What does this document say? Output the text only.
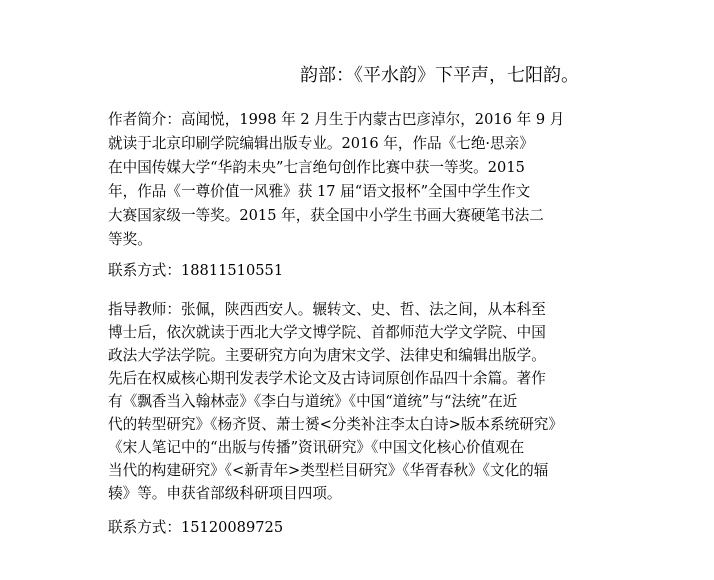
韵部：《平水韵》下平声，七阳韵。
作者简介：高闻悦，1998 年 2 月生于内蒙古巴彦淖尔，2016 年 9 月
就读于北京印刷学院编辑出版专业。2016 年，作品《七绝·思亲》
在中国传媒大学“华韵未央”七言绝句创作比赛中获一等奖。2015
年，作品《一尊价值一风雅》获 17 届“语文报杯”全国中学生作文
大赛国家级一等奖。2015 年，获全国中小学生书画大赛硬笔书法二
等奖。
联系方式：18811510551
指导教师：张佩，陕西西安人。辗转文、史、哲、法之间，从本科至
博士后，依次就读于西北大学文博学院、首都师范大学文学院、中国
政法大学法学院。主要研究方向为唐宋文学、法律史和编辑出版学。
先后在权威核心期刊发表学术论文及古诗词原创作品四十余篇。著作
有《飘香当入翰林壶》《李白与道统》《中国“道统”与“法统”在近
代的转型研究》《杨齐贤、萧士赟<分类补注李太白诗>版本系统研究》
《宋人笔记中的“出版与传播”资讯研究》《中国文化核心价值观在
当代的构建研究》《<新青年>类型栏目研究》《华胥春秋》《文化的辐
辏》等。申获省部级科研项目四项。
联系方式：15120089725
